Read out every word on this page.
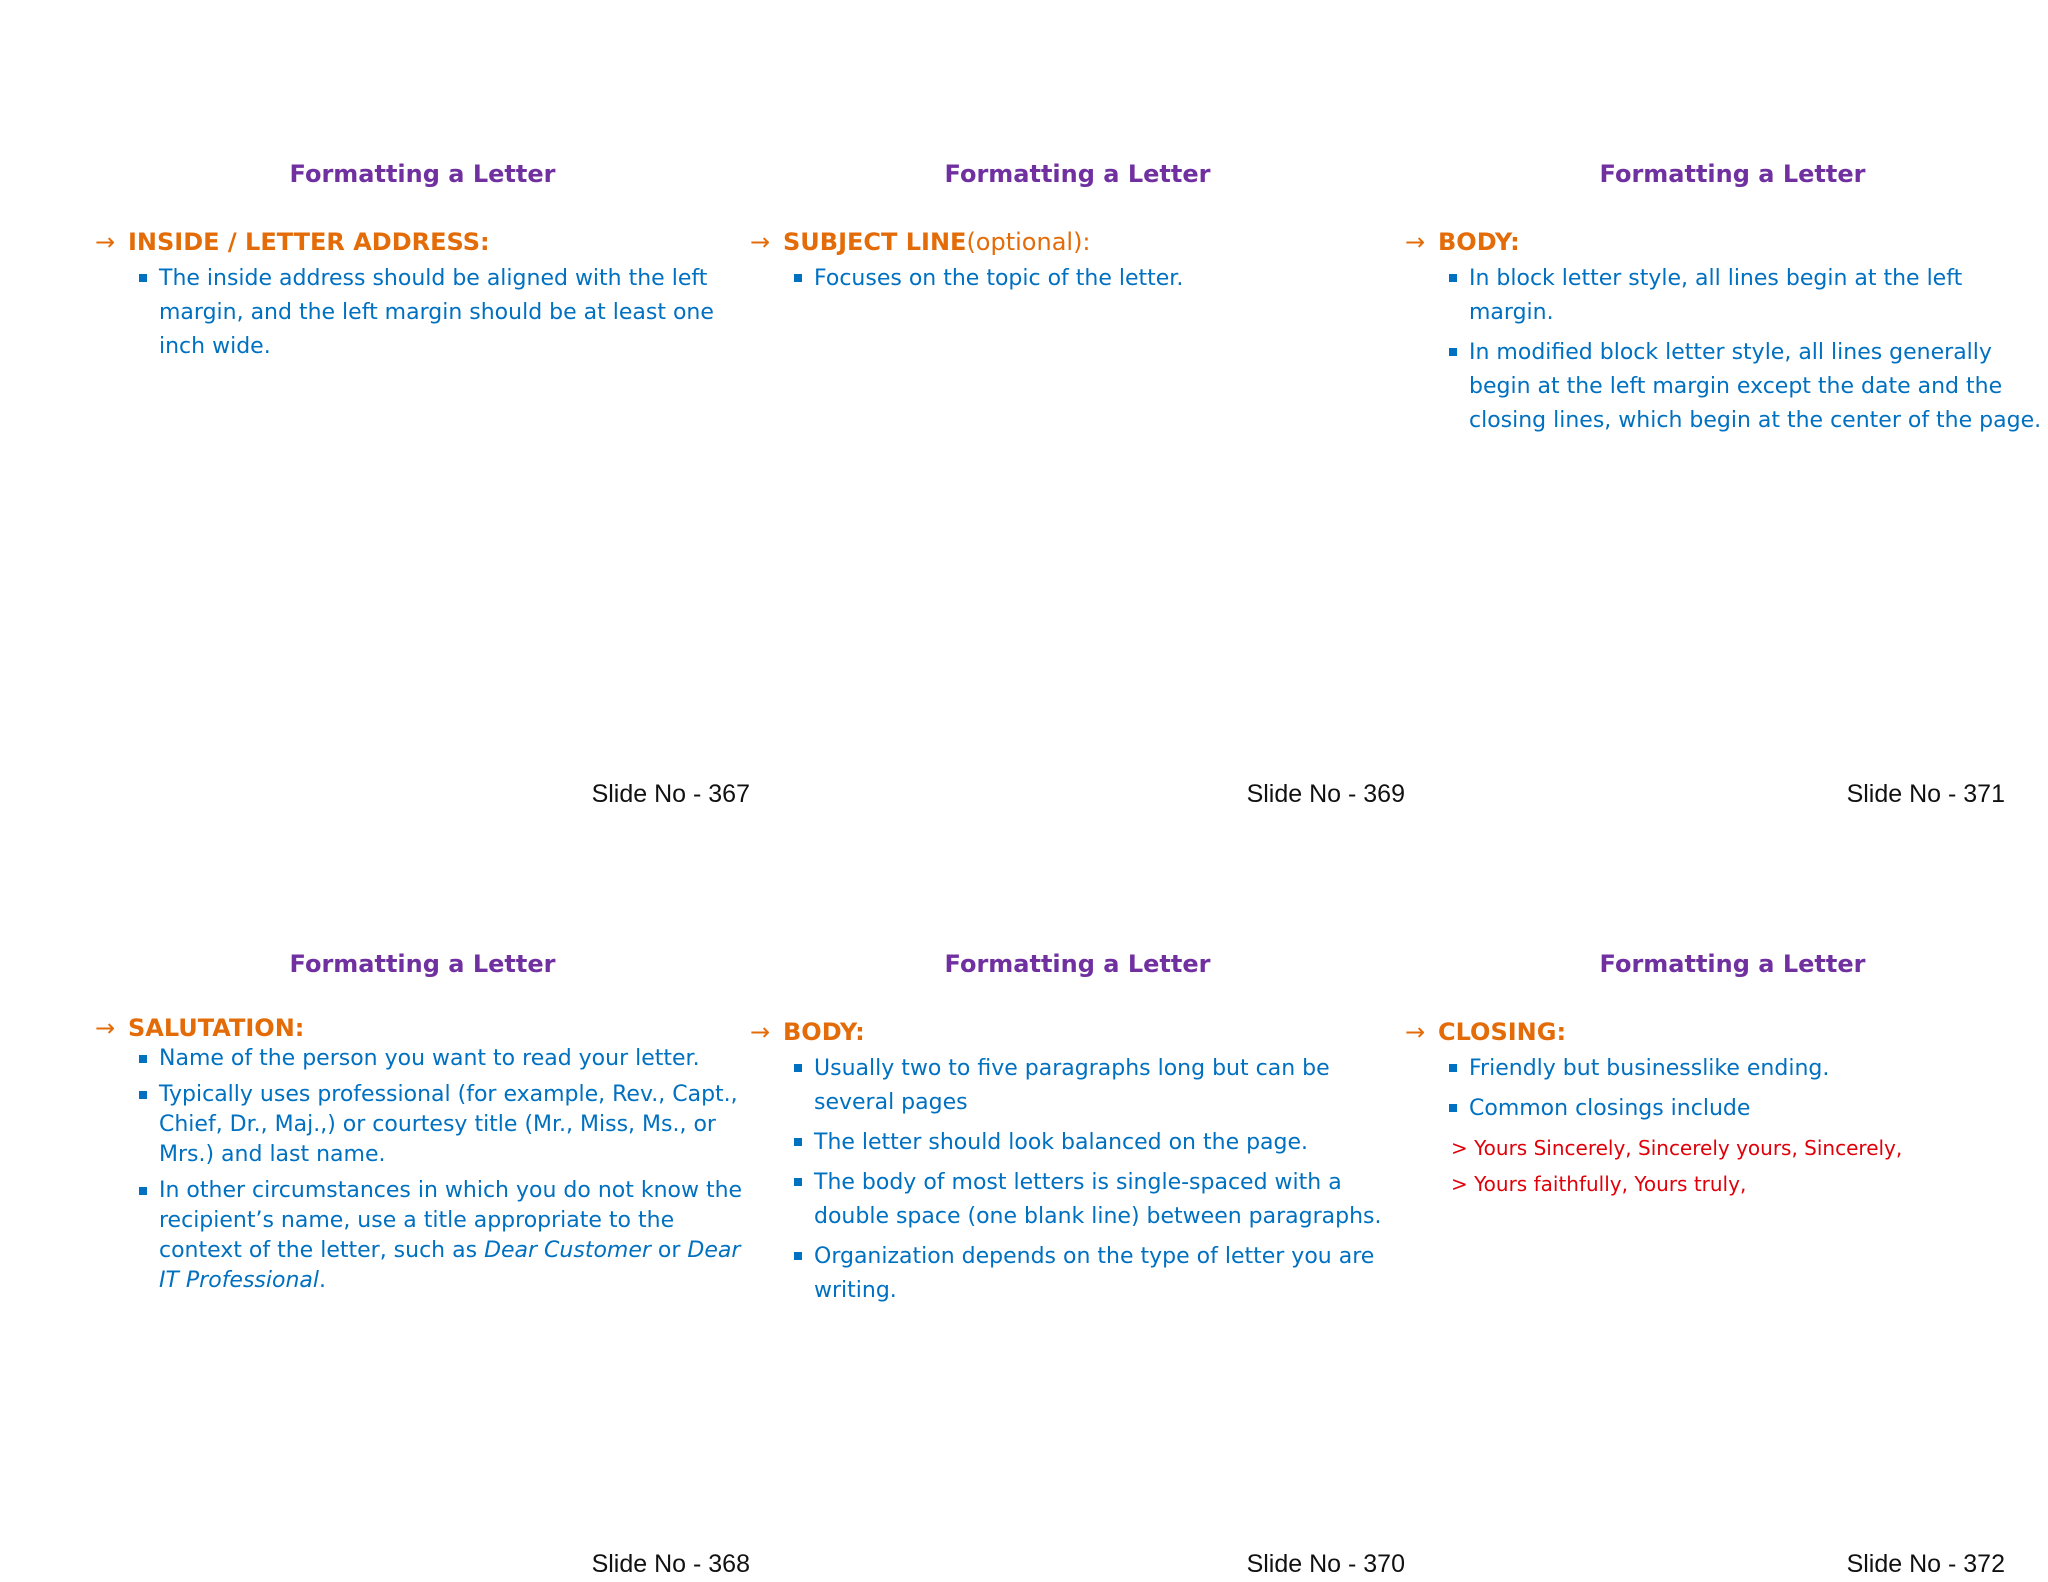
Formatting a Letter
→ INSIDE / LETTER ADDRESS:
The inside address should be aligned with the left margin, and the left margin should be at least one inch wide.
Slide No - 367
Formatting a Letter
→ SUBJECT LINE (optional):
Focuses on the topic of the letter.
Slide No - 369
Formatting a Letter
→ BODY:
In block letter style, all lines begin at the left margin.
In modified block letter style, all lines generally begin at the left margin except the date and the closing lines, which begin at the center of the page.
Slide No - 371
Formatting a Letter
→ SALUTATION:
Name of the person you want to read your letter.
Typically uses professional (for example, Rev., Capt., Chief, Dr., Maj.,) or courtesy title (Mr., Miss, Ms., or Mrs.) and last name.
In other circumstances in which you do not know the recipient’s name, use a title appropriate to the context of the letter, such as Dear Customer or Dear IT Professional.
Slide No - 368
Formatting a Letter
→ BODY:
Usually two to five paragraphs long but can be several pages
The letter should look balanced on the page.
The body of most letters is single-spaced with a double space (one blank line) between paragraphs.
Organization depends on the type of letter you are writing.
Slide No - 370
Formatting a Letter
→ CLOSING:
Friendly but businesslike ending.
Common closings include
> Yours Sincerely, Sincerely yours, Sincerely,
> Yours faithfully, Yours truly,
Slide No - 372
